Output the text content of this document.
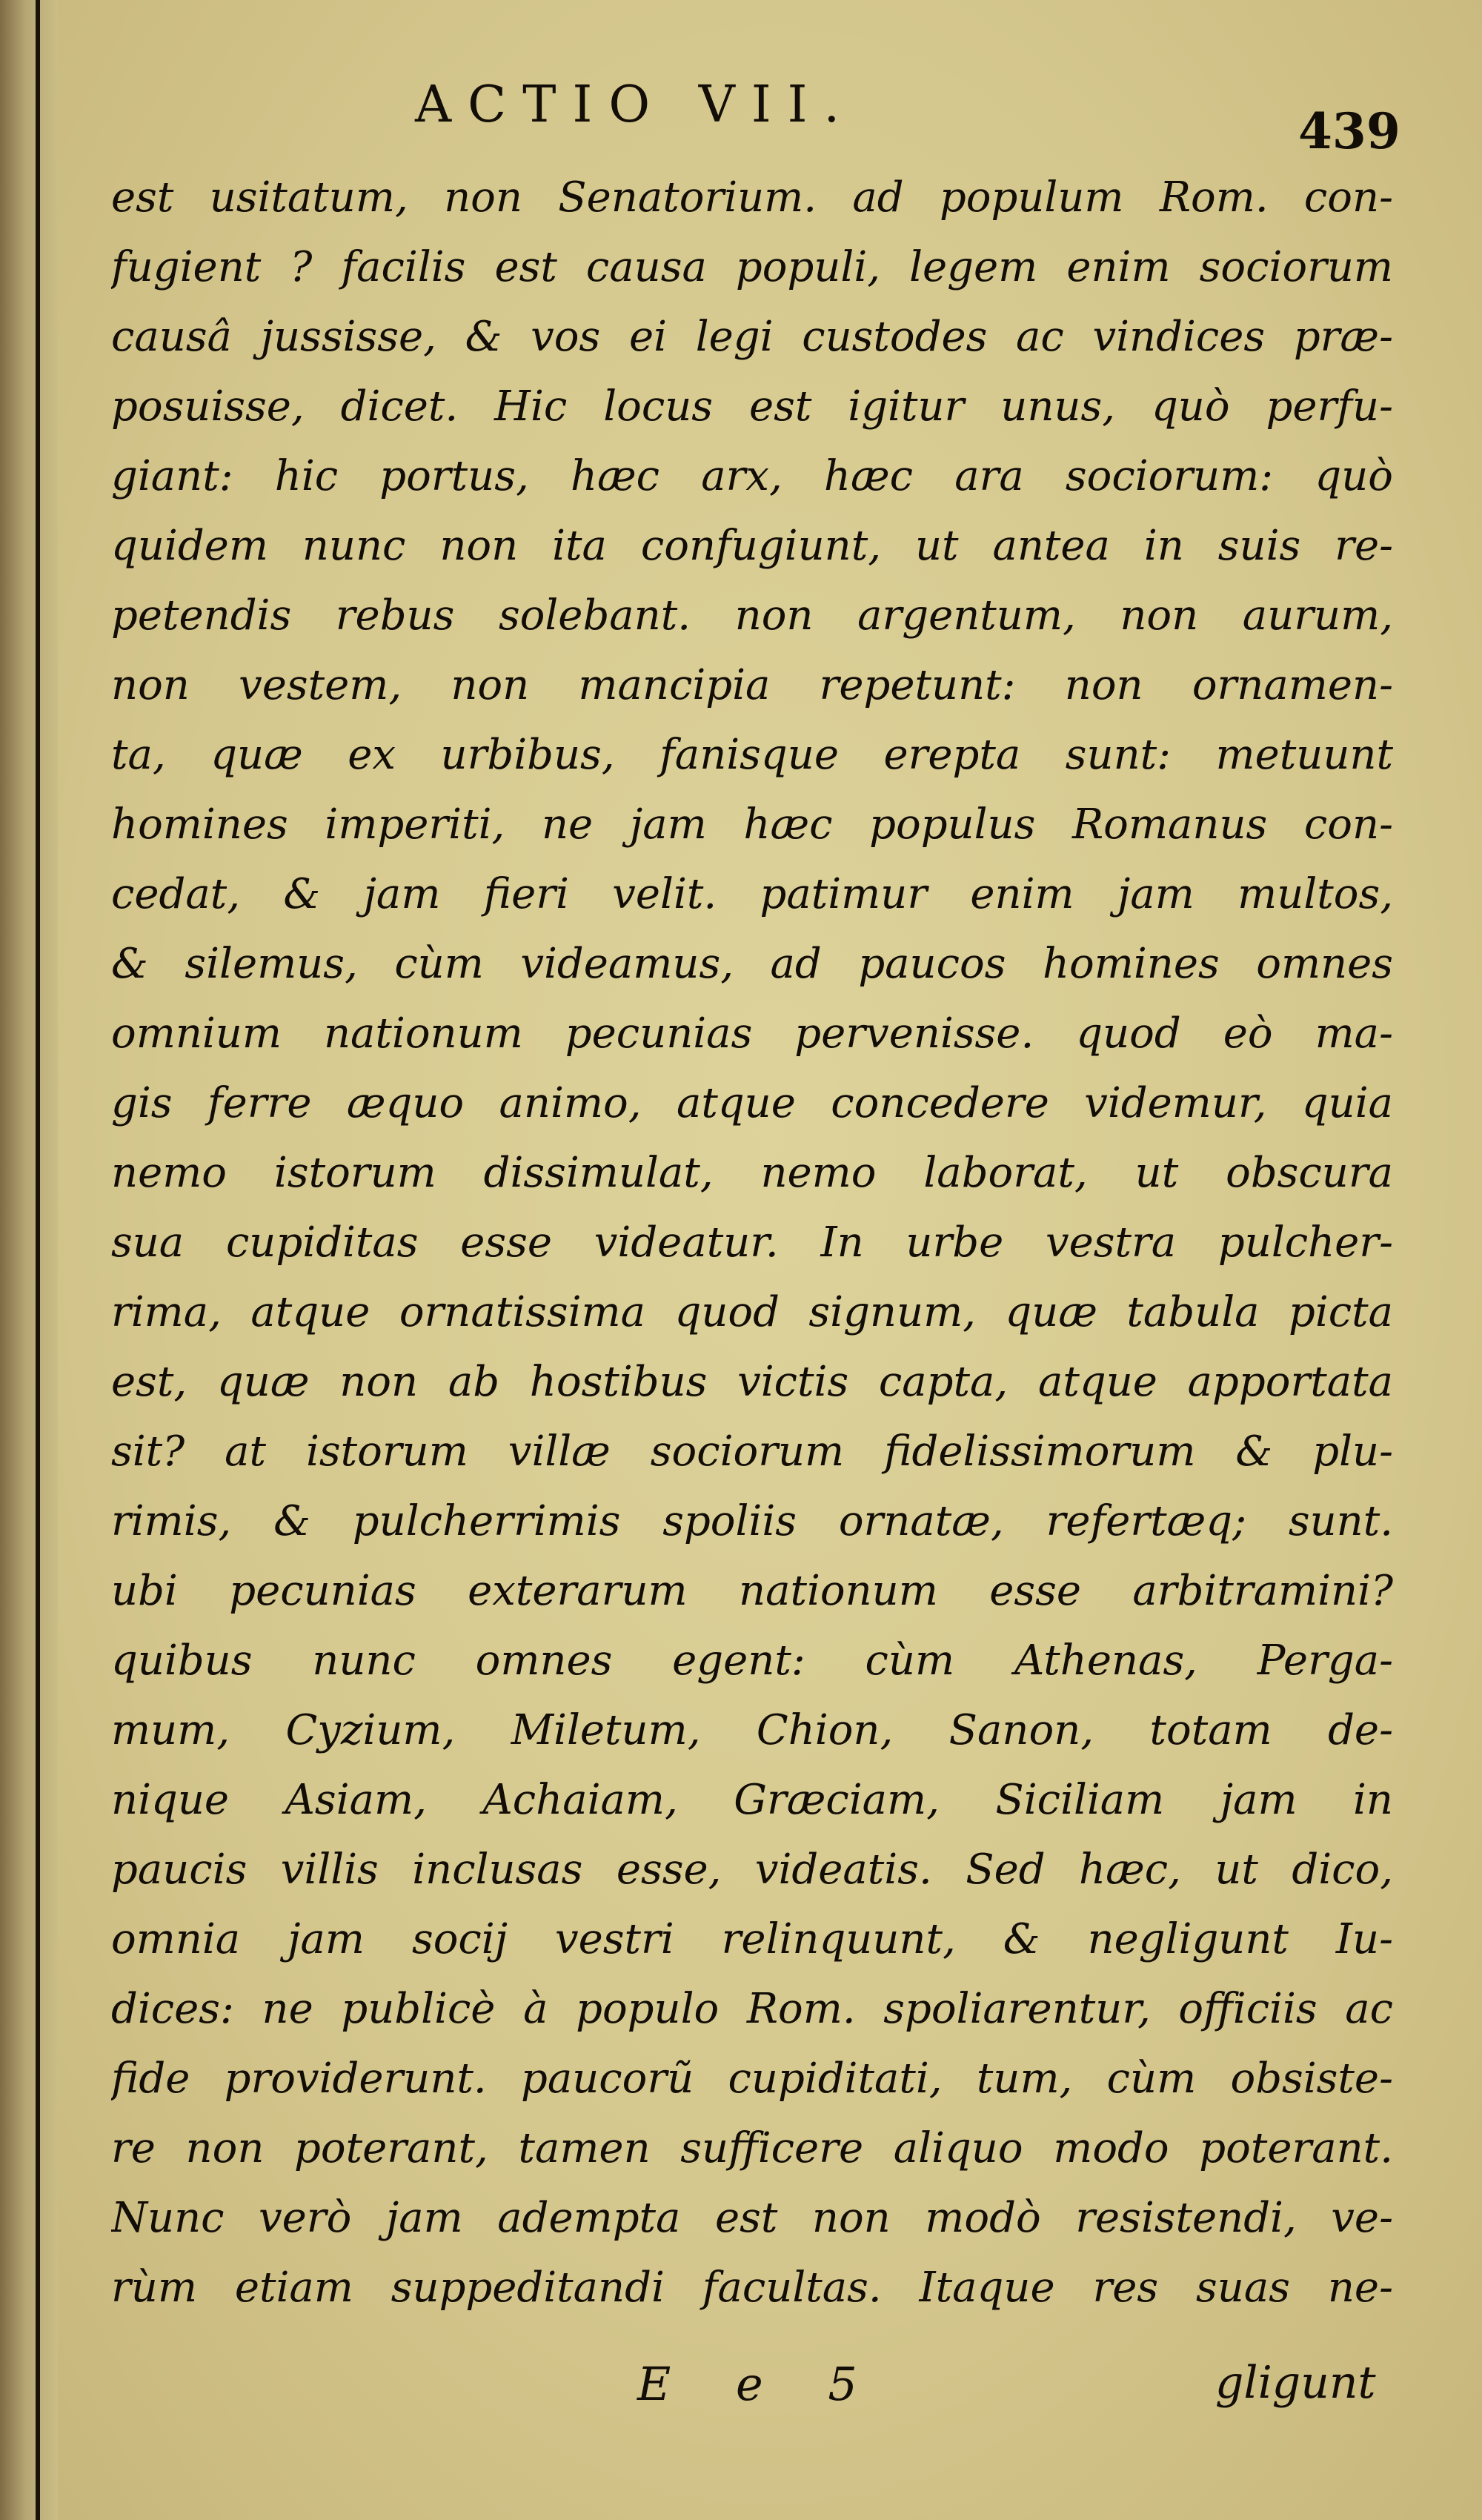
ACTIO VII.	439
est usitatum, non Senatorium. ad populum Rom. con-
fugient ? facilis est causa populi, legem enim sociorum
causâ jussisse, & vos ei legi custodes ac vindices præ-
posuisse, dicet. Hic locus est igitur unus, quò perfu-
giant: hic portus, hæc arx, hæc ara sociorum: quò
quidem nunc non ita confugiunt, ut antea in suis re-
petendis rebus solebant. non argentum, non aurum,
non vestem, non mancipia repetunt: non ornamen-
ta, quæ ex urbibus, fanisque erepta sunt: metuunt
homines imperiti, ne jam hæc populus Romanus con-
cedat, & jam fieri velit. patimur enim jam multos,
& silemus, cùm videamus, ad paucos homines omnes
omnium nationum pecunias pervenisse. quod eò ma-
gis ferre æquo animo, atque concedere videmur, quia
nemo istorum dissimulat, nemo laborat, ut obscura
sua cupiditas esse videatur. In urbe vestra pulcher-
rima, atque ornatissima quod signum, quæ tabula picta
est, quæ non ab hostibus victis capta, atque apportata
sit? at istorum villæ sociorum fidelissimorum & plu-
rimis, & pulcherrimis spoliis ornatæ, refertæq; sunt.
ubi pecunias exterarum nationum esse arbitramini?
quibus nunc omnes egent: cùm Athenas, Perga-
mum, Cyzium, Miletum, Chion, Sanon, totam de-
nique Asiam, Achaiam, Græciam, Siciliam jam in
paucis villis inclusas esse, videatis. Sed hæc, ut dico,
omnia jam socij vestri relinquunt, & negligunt Iu-
dices: ne publicè à populo Rom. spoliarentur, officiis ac
fide providerunt. paucorũ cupiditati, tum, cùm obsiste-
re non poterant, tamen sufficere aliquo modo poterant.
Nunc verò jam adempta est non modò resistendi, ve-
rùm etiam suppeditandi facultas. Itaque res suas ne-
E e 5	gligunt
